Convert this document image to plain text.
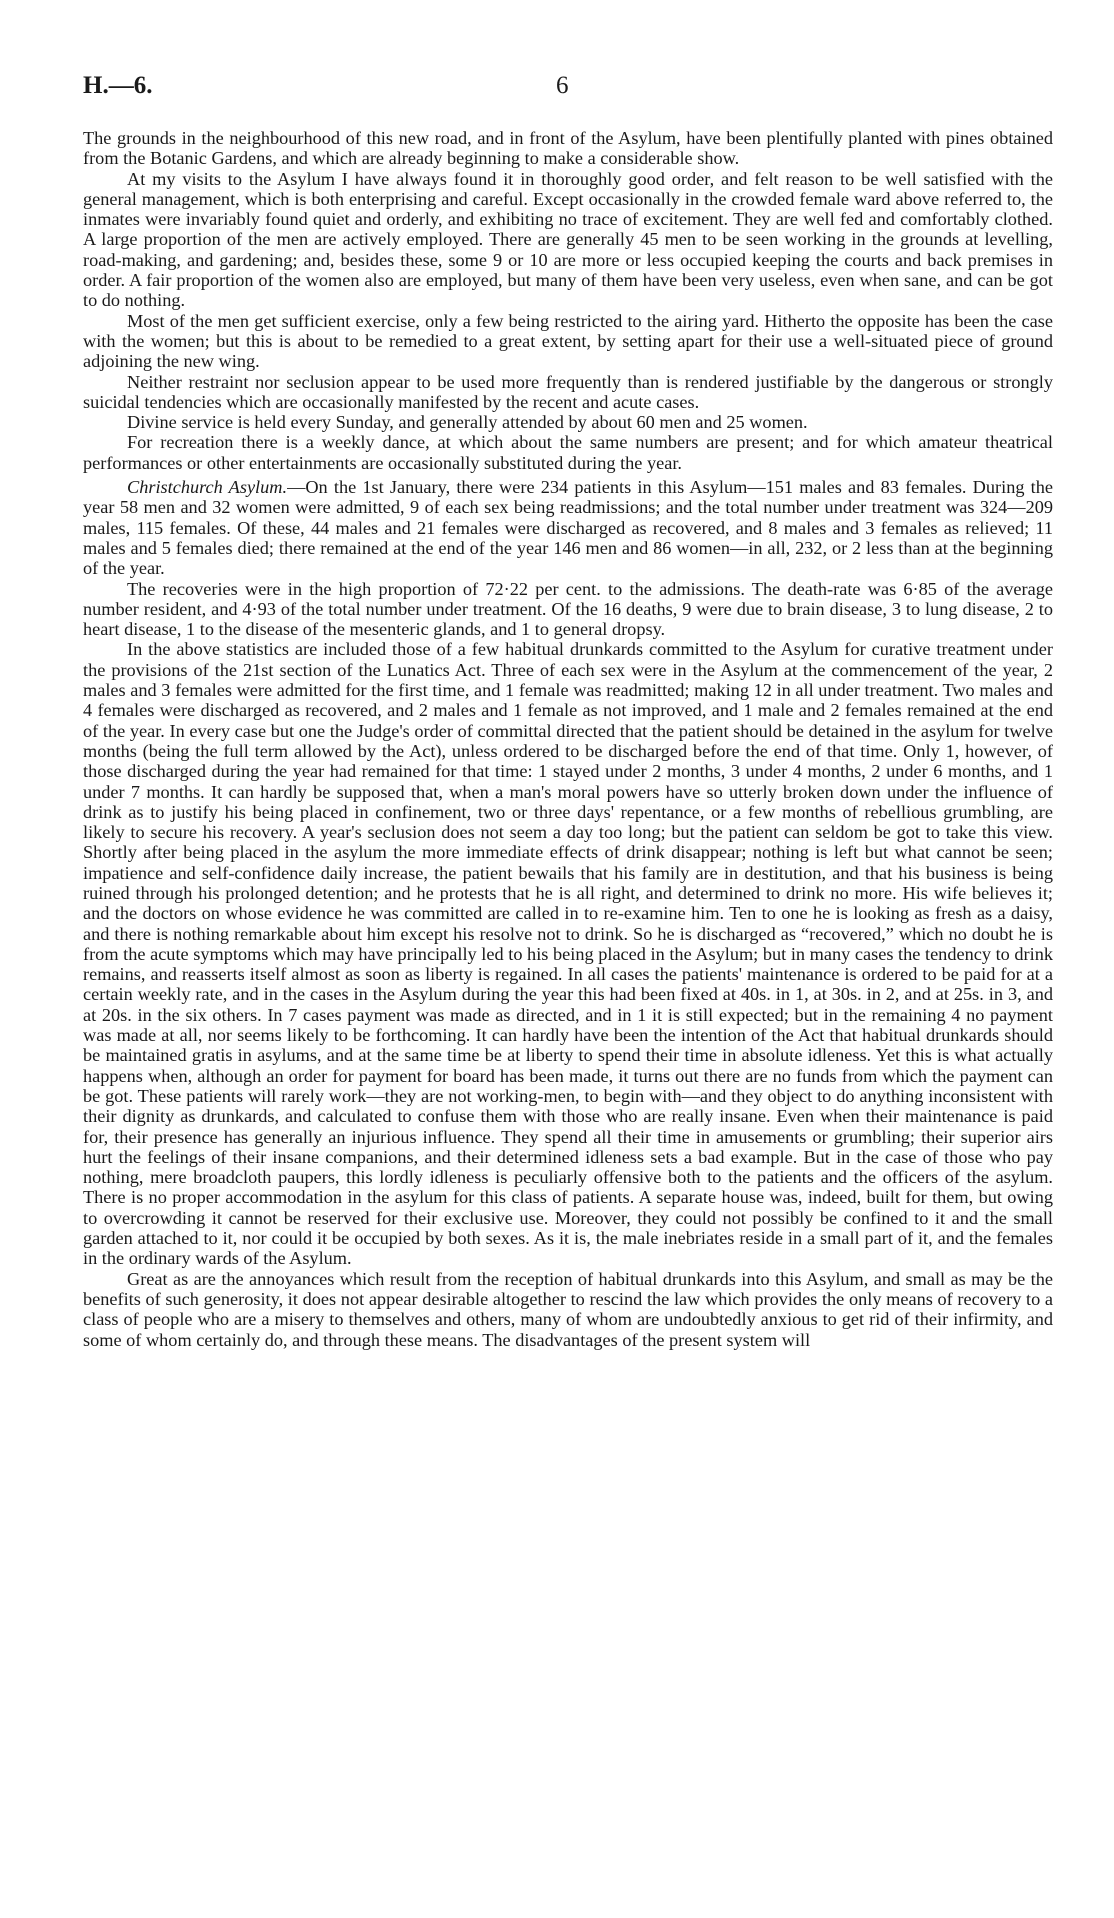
H.—6.	6

The grounds in the neighbourhood of this new road, and in front of the Asylum, have been plentifully planted with pines obtained from the Botanic Gardens, and which are already beginning to make a considerable show.

At my visits to the Asylum I have always found it in thoroughly good order, and felt reason to be well satisfied with the general management, which is both enterprising and careful. Except occasionally in the crowded female ward above referred to, the inmates were invariably found quiet and orderly, and exhibiting no trace of excitement. They are well fed and comfortably clothed. A large proportion of the men are actively employed. There are generally 45 men to be seen working in the grounds at levelling, road-making, and gardening; and, besides these, some 9 or 10 are more or less occupied keeping the courts and back premises in order. A fair proportion of the women also are employed, but many of them have been very useless, even when sane, and can be got to do nothing.

Most of the men get sufficient exercise, only a few being restricted to the airing yard. Hitherto the opposite has been the case with the women; but this is about to be remedied to a great extent, by setting apart for their use a well-situated piece of ground adjoining the new wing.

Neither restraint nor seclusion appear to be used more frequently than is rendered justifiable by the dangerous or strongly suicidal tendencies which are occasionally manifested by the recent and acute cases.

Divine service is held every Sunday, and generally attended by about 60 men and 25 women.

For recreation there is a weekly dance, at which about the same numbers are present; and for which amateur theatrical performances or other entertainments are occasionally substituted during the year.

Christchurch Asylum.—On the 1st January, there were 234 patients in this Asylum—151 males and 83 females. During the year 58 men and 32 women were admitted, 9 of each sex being readmissions; and the total number under treatment was 324—209 males, 115 females. Of these, 44 males and 21 females were discharged as recovered, and 8 males and 3 females as relieved; 11 males and 5 females died; there remained at the end of the year 146 men and 86 women—in all, 232, or 2 less than at the beginning of the year.

The recoveries were in the high proportion of 72·22 per cent. to the admissions. The death-rate was 6·85 of the average number resident, and 4·93 of the total number under treatment. Of the 16 deaths, 9 were due to brain disease, 3 to lung disease, 2 to heart disease, 1 to the disease of the mesenteric glands, and 1 to general dropsy.

In the above statistics are included those of a few habitual drunkards committed to the Asylum for curative treatment under the provisions of the 21st section of the Lunatics Act. Three of each sex were in the Asylum at the commencement of the year, 2 males and 3 females were admitted for the first time, and 1 female was readmitted; making 12 in all under treatment. Two males and 4 females were discharged as recovered, and 2 males and 1 female as not improved, and 1 male and 2 females remained at the end of the year. In every case but one the Judge's order of committal directed that the patient should be detained in the asylum for twelve months (being the full term allowed by the Act), unless ordered to be discharged before the end of that time. Only 1, however, of those discharged during the year had remained for that time: 1 stayed under 2 months, 3 under 4 months, 2 under 6 months, and 1 under 7 months. It can hardly be supposed that, when a man's moral powers have so utterly broken down under the influence of drink as to justify his being placed in confinement, two or three days' repentance, or a few months of rebellious grumbling, are likely to secure his recovery. A year's seclusion does not seem a day too long; but the patient can seldom be got to take this view. Shortly after being placed in the asylum the more immediate effects of drink disappear; nothing is left but what cannot be seen; impatience and self-confidence daily increase, the patient bewails that his family are in destitution, and that his business is being ruined through his prolonged detention; and he protests that he is all right, and determined to drink no more. His wife believes it; and the doctors on whose evidence he was committed are called in to re-examine him. Ten to one he is looking as fresh as a daisy, and there is nothing remarkable about him except his resolve not to drink. So he is discharged as “recovered,” which no doubt he is from the acute symptoms which may have principally led to his being placed in the Asylum; but in many cases the tendency to drink remains, and reasserts itself almost as soon as liberty is regained. In all cases the patients' maintenance is ordered to be paid for at a certain weekly rate, and in the cases in the Asylum during the year this had been fixed at 40s. in 1, at 30s. in 2, and at 25s. in 3, and at 20s. in the six others. In 7 cases payment was made as directed, and in 1 it is still expected; but in the remaining 4 no payment was made at all, nor seems likely to be forthcoming. It can hardly have been the intention of the Act that habitual drunkards should be maintained gratis in asylums, and at the same time be at liberty to spend their time in absolute idleness. Yet this is what actually happens when, although an order for payment for board has been made, it turns out there are no funds from which the payment can be got. These patients will rarely work—they are not working-men, to begin with—and they object to do anything inconsistent with their dignity as drunkards, and calculated to confuse them with those who are really insane. Even when their maintenance is paid for, their presence has generally an injurious influence. They spend all their time in amusements or grumbling; their superior airs hurt the feelings of their insane companions, and their determined idleness sets a bad example. But in the case of those who pay nothing, mere broadcloth paupers, this lordly idleness is peculiarly offensive both to the patients and the officers of the asylum. There is no proper accommodation in the asylum for this class of patients. A separate house was, indeed, built for them, but owing to overcrowding it cannot be reserved for their exclusive use. Moreover, they could not possibly be confined to it and the small garden attached to it, nor could it be occupied by both sexes. As it is, the male inebriates reside in a small part of it, and the females in the ordinary wards of the Asylum.

Great as are the annoyances which result from the reception of habitual drunkards into this Asylum, and small as may be the benefits of such generosity, it does not appear desirable altogether to rescind the law which provides the only means of recovery to a class of people who are a misery to themselves and others, many of whom are undoubtedly anxious to get rid of their infirmity, and some of whom certainly do, and through these means. The disadvantages of the present system will
